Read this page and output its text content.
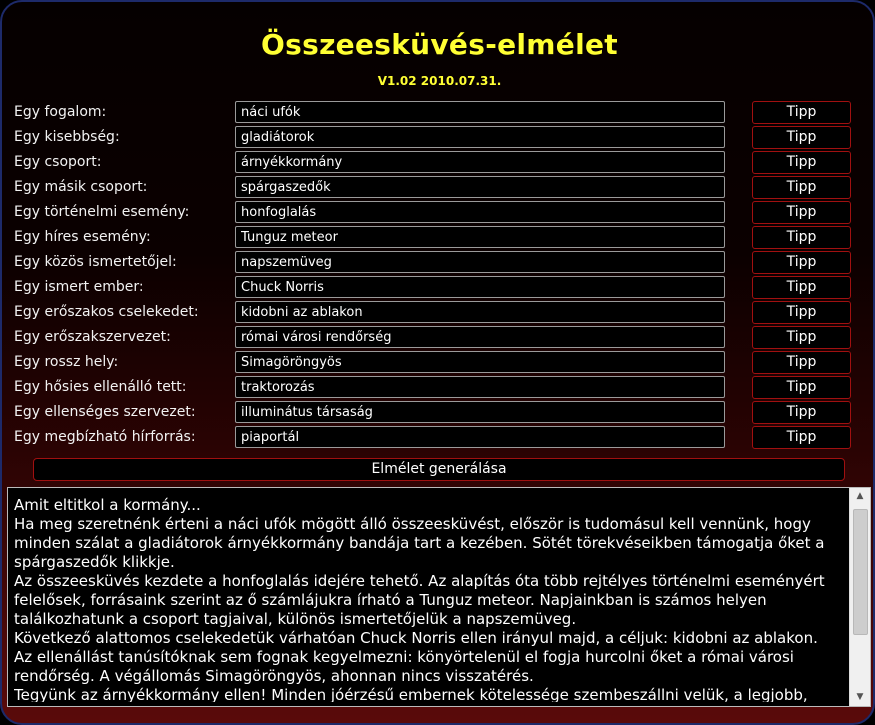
Összeesküvés-elmélet
V1.02 2010.07.31.
Egy fogalom:
náci ufók	Tipp
Egy kisebbség:
gladiátorok	Tipp
Egy csoport:
árnyékkormány	Tipp
Egy másik csoport:
spárgaszedők	Tipp
Egy történelmi esemény:
honfoglalás	Tipp
Egy híres esemény:
Tunguz meteor	Tipp
Egy közös ismertetőjel:
napszemüveg	Tipp
Egy ismert ember:
Chuck Norris	Tipp
Egy erőszakos cselekedet:
kidobni az ablakon	Tipp
Egy erőszakszervezet:
római városi rendőrség	Tipp
Egy rossz hely:
Simagöröngyös	Tipp
Egy hősies ellenálló tett:
traktorozás	Tipp
Egy ellenséges szervezet:
illuminátus társaság	Tipp
Egy megbízható hírforrás:
piaportál	Tipp
Elmélet generálása
Amit eltitkol a kormány...
Ha meg szeretnénk érteni a náci ufók mögött álló összeesküvést, először is tudomásul kell vennünk, hogy
minden szálat a gladiátorok árnyékkormány bandája tart a kezében. Sötét törekvéseikben támogatja őket a
spárgaszedők klikkje.
Az összeesküvés kezdete a honfoglalás idejére tehető. Az alapítás óta több rejtélyes történelmi eseményért
felelősek, forrásaink szerint az ő számlájukra írható a Tunguz meteor. Napjainkban is számos helyen
találkozhatunk a csoport tagjaival, különös ismertetőjelük a napszemüveg.
Következő alattomos cselekedetük várhatóan Chuck Norris ellen irányul majd, a céljuk: kidobni az ablakon.
Az ellenállást tanúsítóknak sem fognak kegyelmezni: könyörtelenül el fogja hurcolni őket a római városi
rendőrség. A végállomás Simagöröngyös, ahonnan nincs visszatérés.
Tegyünk az árnyékkormány ellen! Minden jóérzésű embernek kötelessége szembeszállni velük, a legjobb,
▲
▼
